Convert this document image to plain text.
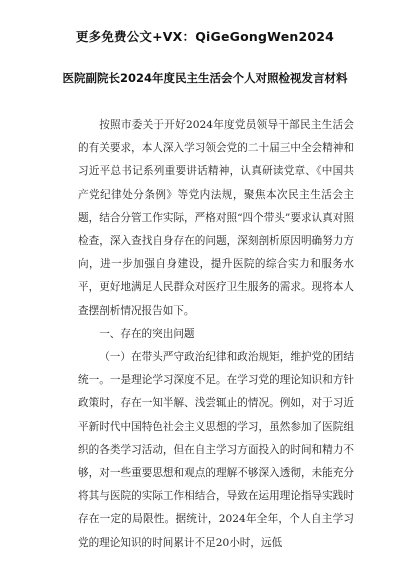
更多免费公文+VX：QiGeGongWen2024
医院副院长2024年度民主生活会个人对照检视发言材料

按照市委关于开好2024年度党员领导干部民主生活会的有关要求，本人深入学习领会党的二十届三中全会精神和习近平总书记系列重要讲话精神，认真研读党章、《中国共产党纪律处分条例》等党内法规，聚焦本次民主生活会主题，结合分管工作实际，严格对照“四个带头”要求认真对照检查，深入查找自身存在的问题，深刻剖析原因明确努力方向，进一步加强自身建设，提升医院的综合实力和服务水平，更好地满足人民群众对医疗卫生服务的需求。现将本人查摆剖析情况报告如下。

一、存在的突出问题

（一）在带头严守政治纪律和政治规矩，维护党的团结统一。一是理论学习深度不足。在学习党的理论知识和方针政策时，存在一知半解、浅尝辄止的情况。例如，对于习近平新时代中国特色社会主义思想的学习，虽然参加了医院组织的各类学习活动，但在自主学习方面投入的时间和精力不够，对一些重要思想和观点的理解不够深入透彻，未能充分将其与医院的实际工作相结合，导致在运用理论指导实践时存在一定的局限性。据统计，2024年全年，个人自主学习党的理论知识的时间累计不足20小时，远低
